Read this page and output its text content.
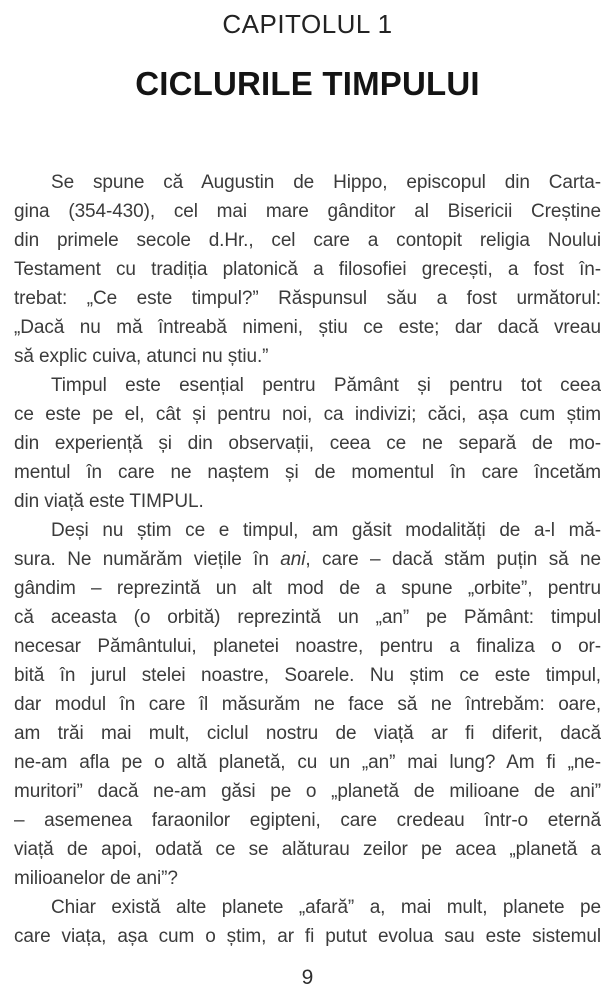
CAPITOLUL 1
CICLURILE TIMPULUI
Se spune că Augustin de Hippo, episcopul din Carta-
gina (354-430), cel mai mare gânditor al Bisericii Creștine
din primele secole d.Hr., cel care a contopit religia Noului
Testament cu tradiția platonică a filosofiei grecești, a fost în-
trebat: „Ce este timpul?” Răspunsul său a fost următorul:
„Dacă nu mă întreabă nimeni, știu ce este; dar dacă vreau
să explic cuiva, atunci nu știu.”
Timpul este esențial pentru Pământ și pentru tot ceea
ce este pe el, cât și pentru noi, ca indivizi; căci, așa cum știm
din experiență și din observații, ceea ce ne separă de mo-
mentul în care ne naștem și de momentul în care încetăm
din viață este TIMPUL.
Deși nu știm ce e timpul, am găsit modalități de a-l mă-
sura. Ne numărăm viețile în ani, care – dacă stăm puțin să ne
gândim – reprezintă un alt mod de a spune „orbite”, pentru
că aceasta (o orbită) reprezintă un „an” pe Pământ: timpul
necesar Pământului, planetei noastre, pentru a finaliza o or-
bită în jurul stelei noastre, Soarele. Nu știm ce este timpul,
dar modul în care îl măsurăm ne face să ne întrebăm: oare,
am trăi mai mult, ciclul nostru de viață ar fi diferit, dacă
ne-am afla pe o altă planetă, cu un „an” mai lung? Am fi „ne-
muritori” dacă ne-am găsi pe o „planetă de milioane de ani”
– asemenea faraonilor egipteni, care credeau într-o eternă
viață de apoi, odată ce se alăturau zeilor pe acea „planetă a
milioanelor de ani”?
Chiar există alte planete „afară” a, mai mult, planete pe
care viața, așa cum o știm, ar fi putut evolua sau este sistemul
9
